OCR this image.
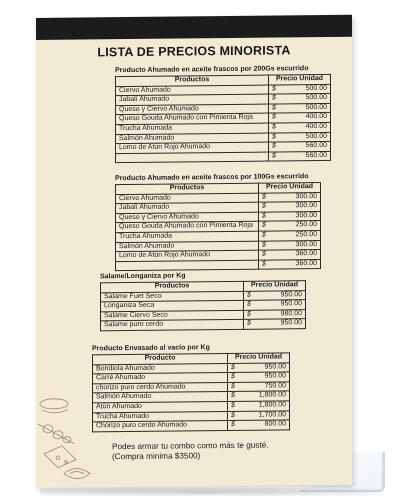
LISTA DE PRECIOS MINORISTA
Producto Ahumado en aceite frascos por 200Gs escurrido
Productos	Precio Unidad	
Ciervo Ahumado	$	500.00
Jabalí Ahumado	$	500.00
Queso y Ciervo Ahumado	$	500.00
Queso Gouda Ahumado con Pimienta Roja	$	400.00
Trucha Ahumada	$	400.00
Salmón Ahumado	$	500.00
Lomo de Atún Rojo Ahumado	$	560.00
	$	560.00
Producto Ahumado en aceite frascos por 100Gs escurrido
Productos	Precio Unidad	
Ciervo Ahumado	$	300.00
Jabalí Ahumado	$	300.00
Queso y Ciervo Ahumado	$	300.00
Queso Gouda Ahumado con Pimienta Roja	$	250.00
Trucha Ahumada	$	250.00
Salmón Ahumado	$	300.00
Lomo de Atún Rojo Ahumado	$	360.00
	$	360.00
Salame/Longaniza por Kg
Productos	Precio Unidad	
Salame Fuet Seco	$	950.00
Longaniza Seca	$	950.00
Salame Ciervo Seco	$	980.00
Salame puro cerdo	$	950.00
Producto Envasado al vacío por Kg
Producto	Precio Unidad	
Bondiola Ahumado	$	950.00
Carré Ahumado	$	950.00
chorizo puro cerdo Ahumado	$	750.00
Salmón Ahumado	$	1,800.00
Atún Ahumado	$	1,800.00
Trucha Ahumado	$	1,700.00
Chorizo puro cerdo Ahumado	$	800.00
Podes armar tu combo como más te gusté.
(Compra minima $3500)
